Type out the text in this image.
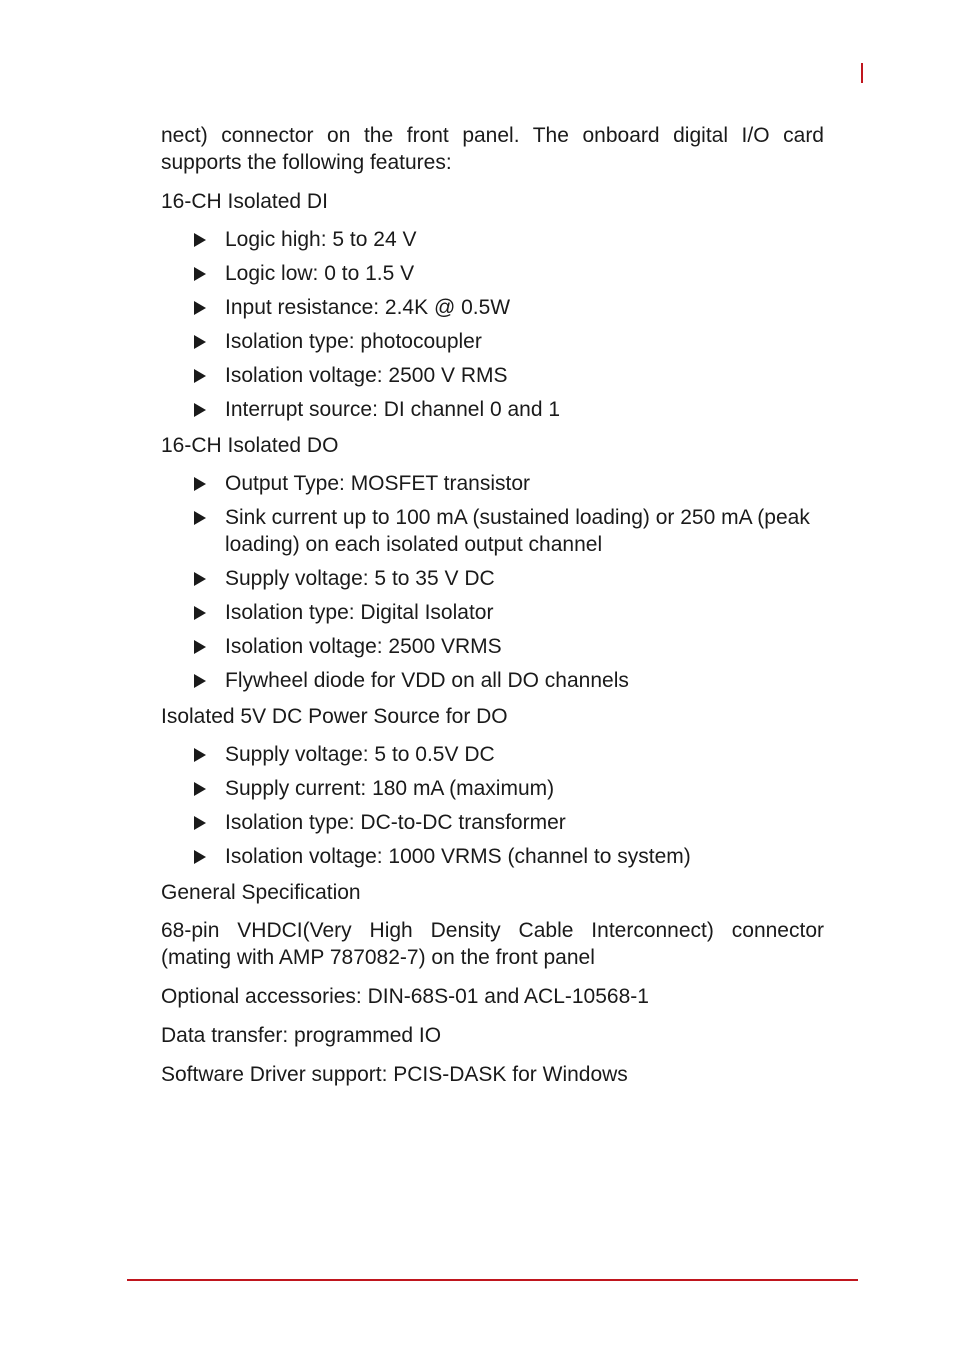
nect) connector on the front panel. The onboard digital I/O card supports the following features:

16-CH Isolated DI
Logic high: 5 to 24 V
Logic low: 0 to 1.5 V
Input resistance: 2.4K @ 0.5W
Isolation type: photocoupler
Isolation voltage: 2500 V RMS
Interrupt source: DI channel 0 and 1
16-CH Isolated DO
Output Type: MOSFET transistor
Sink current up to 100 mA (sustained loading) or 250 mA (peak loading) on each isolated output channel
Supply voltage: 5 to 35 V DC
Isolation type: Digital Isolator
Isolation voltage: 2500 VRMS
Flywheel diode for VDD on all DO channels
Isolated 5V DC Power Source for DO
Supply voltage: 5 to 0.5V DC
Supply current: 180 mA (maximum)
Isolation type: DC-to-DC transformer
Isolation voltage: 1000 VRMS (channel to system)
General Specification

68-pin VHDCI(Very High Density Cable Interconnect) connector (mating with AMP 787082-7) on the front panel

Optional accessories: DIN-68S-01 and ACL-10568-1

Data transfer: programmed IO

Software Driver support: PCIS-DASK for Windows
